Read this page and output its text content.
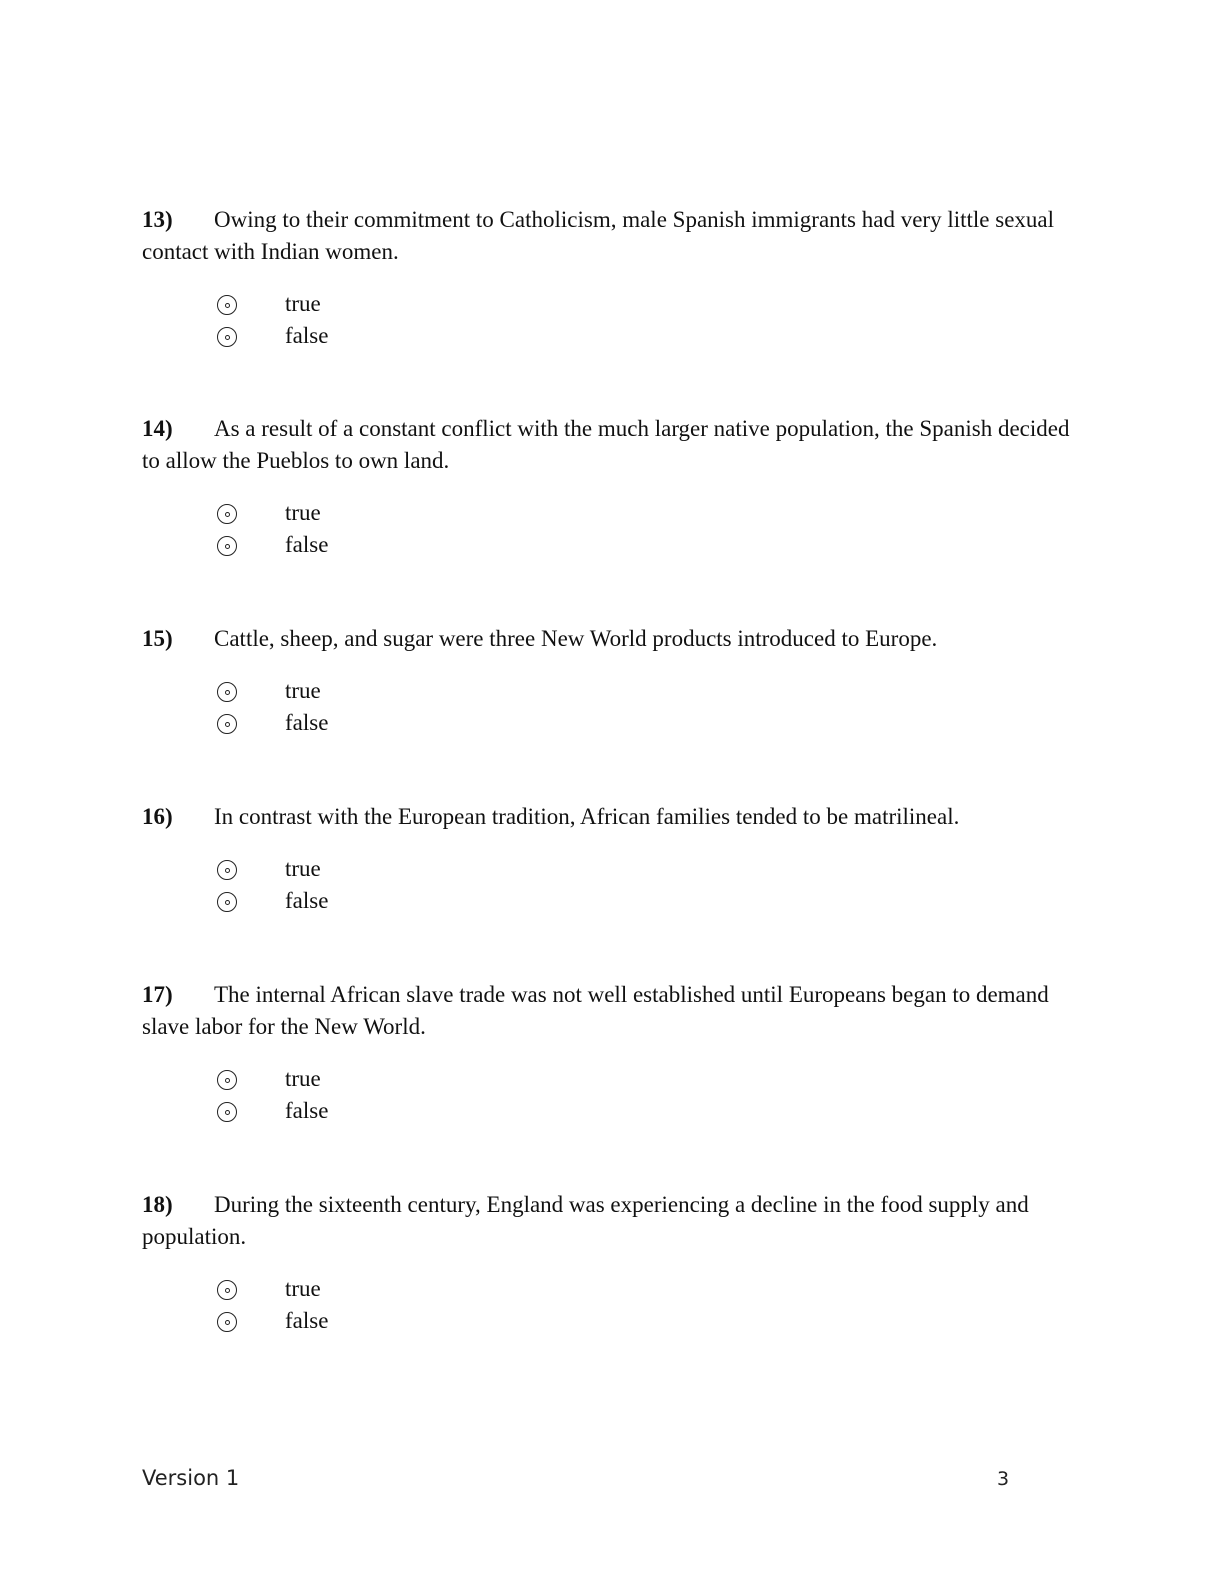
13) Owing to their commitment to Catholicism, male Spanish immigrants had very little sexual contact with Indian women.

true
false

14) As a result of a constant conflict with the much larger native population, the Spanish decided to allow the Pueblos to own land.

true
false

15) Cattle, sheep, and sugar were three New World products introduced to Europe.

true
false

16) In contrast with the European tradition, African families tended to be matrilineal.

true
false

17) The internal African slave trade was not well established until Europeans began to demand slave labor for the New World.

true
false

18) During the sixteenth century, England was experiencing a decline in the food supply and population.

true
false
Version 1	3
